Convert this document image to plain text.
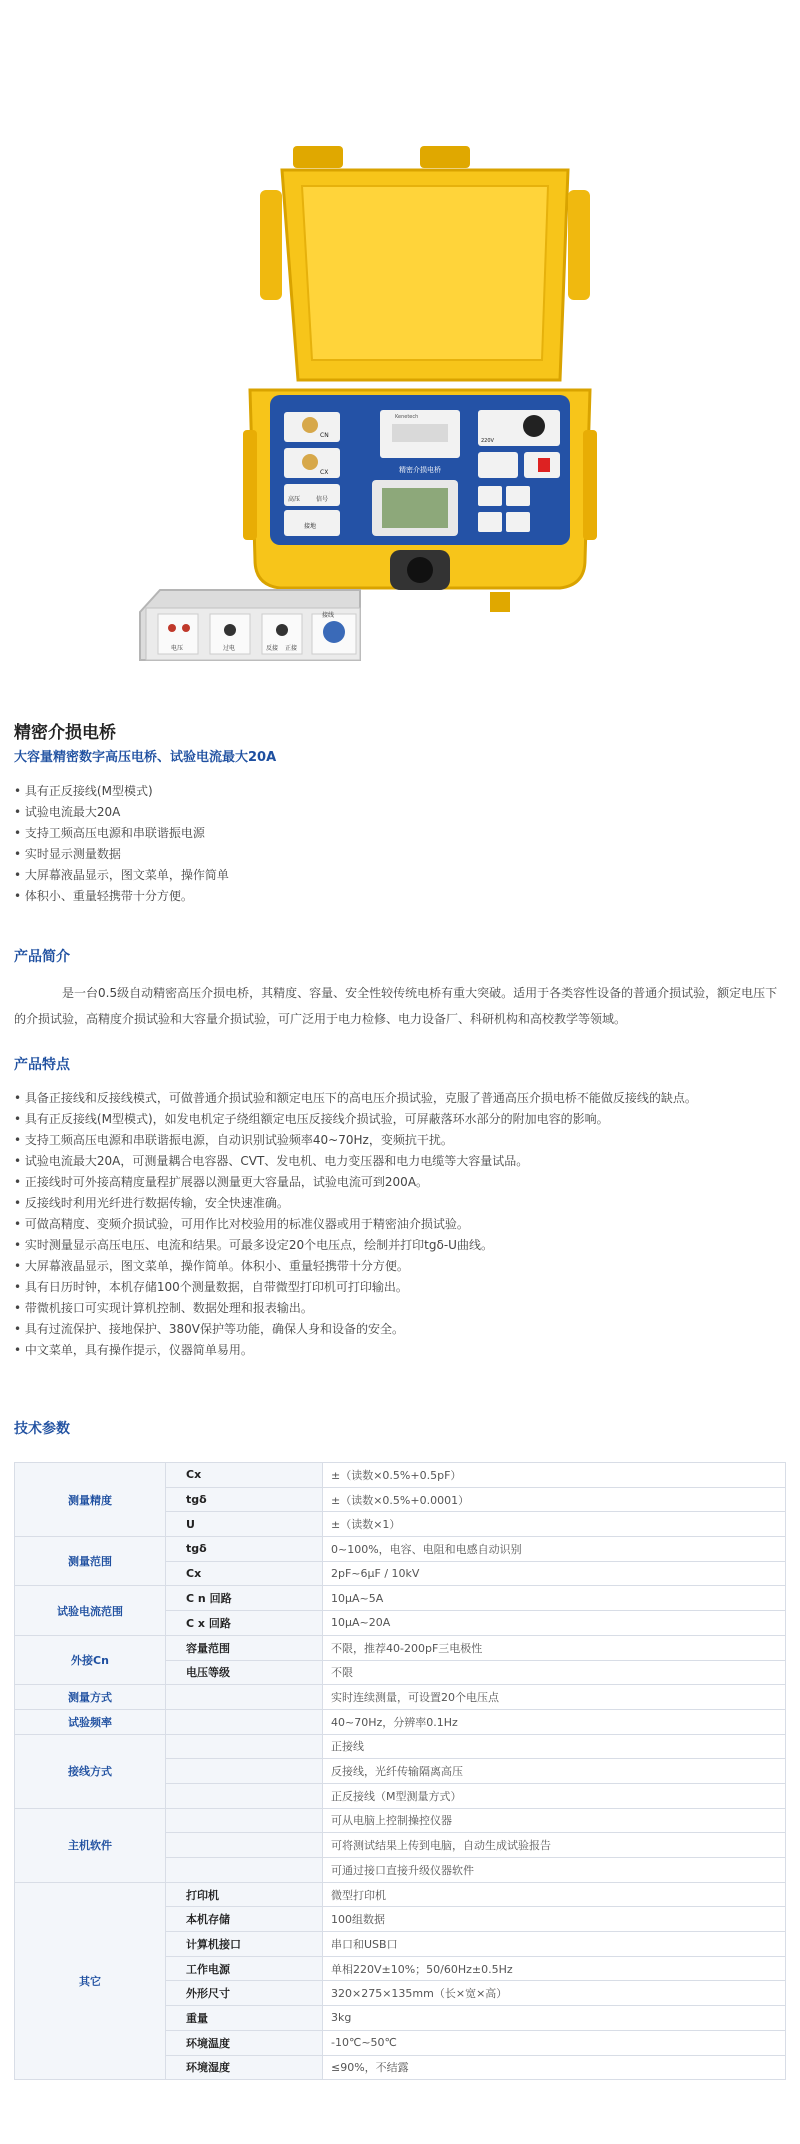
精密介损电桥
Kenetech
CN
CX
220V
高压	信号
接地
电压	过电	反接 正接
接线
精密介损电桥
大容量精密数字高压电桥、试验电流最大20A
• 具有正反接线(M型模式)
• 试验电流最大20A
• 支持工频高压电源和串联谐振电源
• 实时显示测量数据
• 大屏幕液晶显示，图文菜单，操作简单
• 体积小、重量轻携带十分方便。
产品简介

是一台0.5级自动精密高压介损电桥，其精度、容量、安全性较传统电桥有重大突破。适用于各类容性设备的普通介损试验，额定电压下的介损试验，高精度介损试验和大容量介损试验，可广泛用于电力检修、电力设备厂、科研机构和高校教学等领域。

产品特点
• 具备正接线和反接线模式，可做普通介损试验和额定电压下的高电压介损试验，克服了普通高压介损电桥不能做反接线的缺点。
• 具有正反接线(M型模式)，如发电机定子绕组额定电压反接线介损试验，可屏蔽落环水部分的附加电容的影响。
• 支持工频高压电源和串联谐振电源，自动识别试验频率40~70Hz，变频抗干扰。
• 试验电流最大20A，可测量耦合电容器、CVT、发电机、电力变压器和电力电缆等大容量试品。
• 正接线时可外接高精度量程扩展器以测量更大容量品，试验电流可到200A。
• 反接线时利用光纤进行数据传输，安全快速准确。
• 可做高精度、变频介损试验，可用作比对校验用的标准仪器或用于精密油介损试验。
• 实时测量显示高压电压、电流和结果。可最多设定20个电压点，绘制并打印tgδ-U曲线。
• 大屏幕液晶显示，图文菜单，操作简单。体积小、重量轻携带十分方便。
• 具有日历时钟，本机存储100个测量数据，自带微型打印机可打印输出。
• 带微机接口可实现计算机控制、数据处理和报表输出。
• 具有过流保护、接地保护、380V保护等功能，确保人身和设备的安全。
• 中文菜单，具有操作提示，仪器简单易用。
技术参数
测量精度	Cx	±（读数×0.5%+0.5pF）
	tgδ	±（读数×0.5%+0.0001）
	U	±（读数×1）
测量范围	tgδ	0~100%，电容、电阻和电感自动识别
	Cx	2pF~6μF / 10kV
试验电流范围	C n 回路	10μA~5A
	C x 回路	10μA~20A
外接Cn	容量范围	不限，推荐40-200pF三电极性
	电压等级	不限
测量方式		实时连续测量，可设置20个电压点
试验频率		40~70Hz，分辨率0.1Hz
接线方式		正接线
		反接线，光纤传输隔离高压
		正反接线（M型测量方式）
主机软件		可从电脑上控制操控仪器
		可将测试结果上传到电脑，自动生成试验报告
		可通过接口直接升级仪器软件
其它	打印机	微型打印机
	本机存储	100组数据
	计算机接口	串口和USB口
	工作电源	单相220V±10%；50/60Hz±0.5Hz
	外形尺寸	320×275×135mm（长×宽×高）
	重量	3kg
	环境温度	-10℃~50℃
	环境湿度	≤90%，不结露
